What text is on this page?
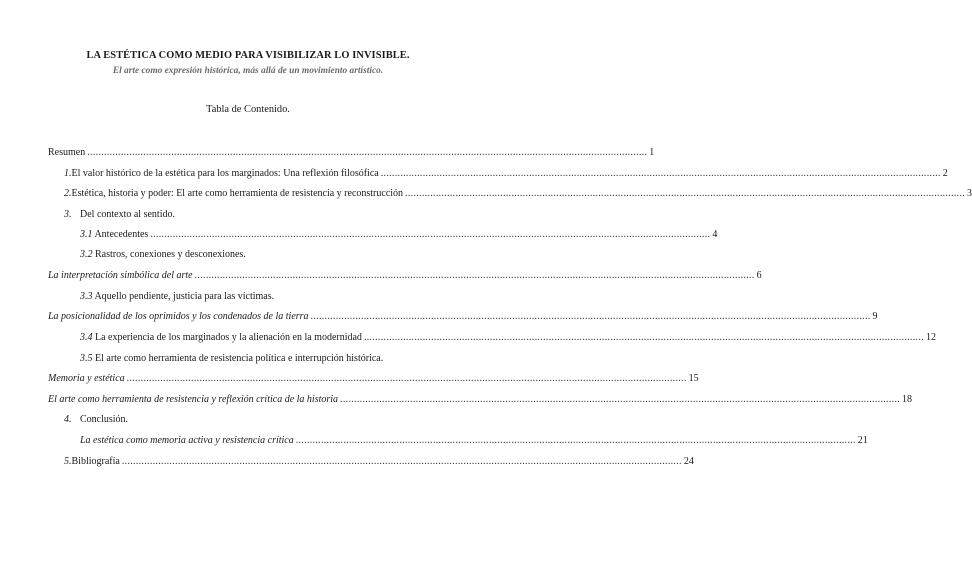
LA ESTÉTICA COMO MEDIO PARA VISIBILIZAR LO INVISIBLE.
El arte como expresión histórica, más allá de un movimiento artístico.
Tabla de Contenido.
Resumen ........................................................................................................................................................................................................ 1
1. El valor histórico de la estética para los marginados: Una reflexión filosófica ........................................................................................................................................................................................................ 2
2. Estética, historia y poder: El arte como herramienta de resistencia y reconstrucción ........................................................................................................................................................................................................ 3
3. Del contexto al sentido.
3.1 Antecedentes ........................................................................................................................................................................................................ 4
3.2 Rastros, conexiones y desconexiones.
La interpretación simbólica del arte ........................................................................................................................................................................................................ 6
3.3 Aquello pendiente, justicia para las víctimas.
La posicionalidad de los oprimidos y los condenados de la tierra ........................................................................................................................................................................................................ 9
3.4 La experiencia de los marginados y la alienación en la modernidad ........................................................................................................................................................................................................ 12
3.5 El arte como herramienta de resistencia política e interrupción histórica.
Memoria y estética ........................................................................................................................................................................................................ 15
El arte como herramienta de resistencia y reflexión crítica de la historia ........................................................................................................................................................................................................ 18
4. Conclusión.
La estética como memoria activa y resistencia crítica ........................................................................................................................................................................................................ 21
5. Bibliografía ........................................................................................................................................................................................................ 24
